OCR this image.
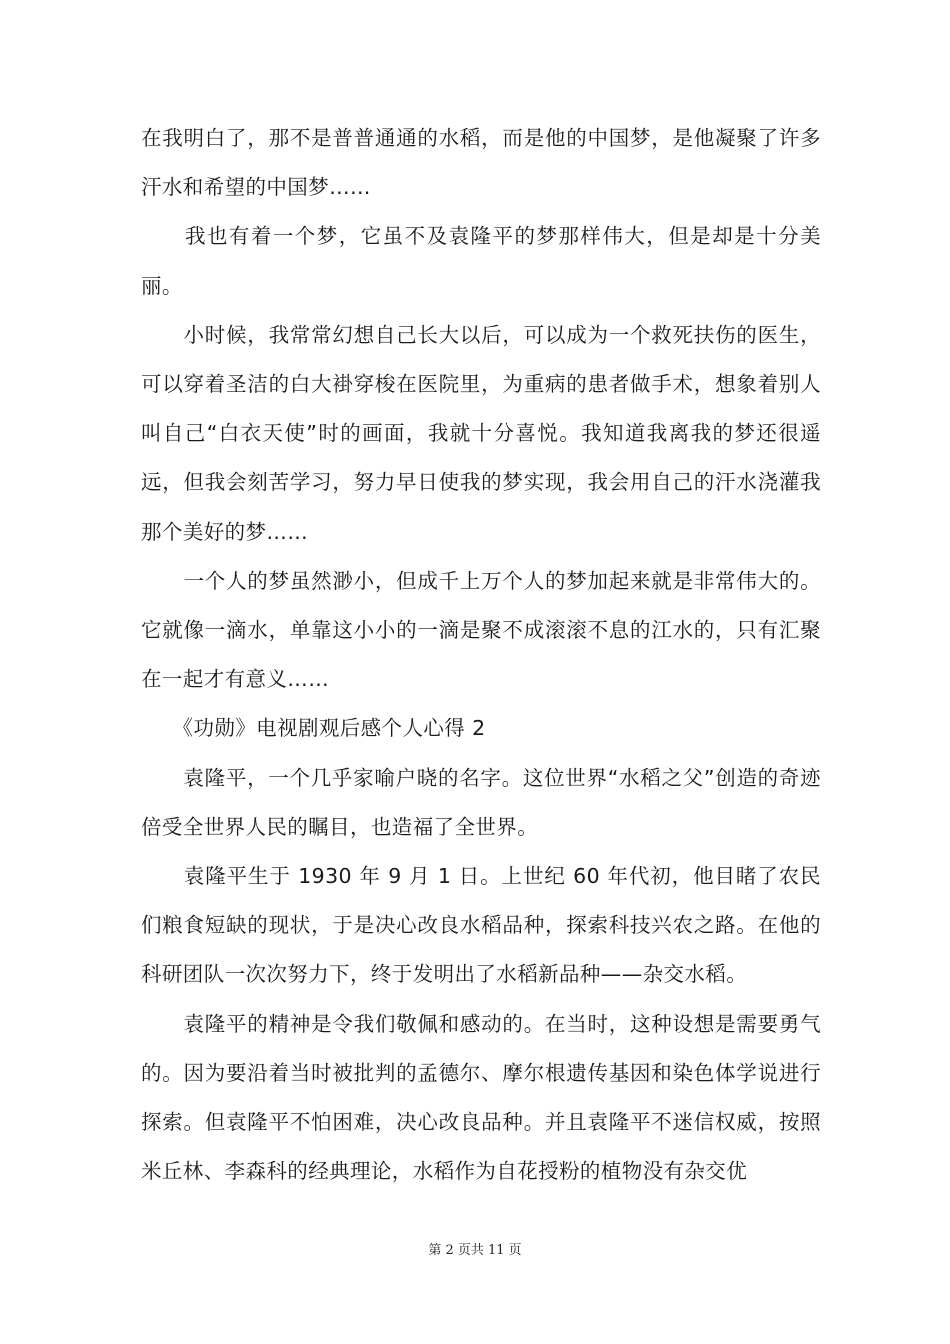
在我明白了，那不是普普通通的水稻，而是他的中国梦，是他凝聚了许多汗水和希望的中国梦……

　　我也有着一个梦，它虽不及袁隆平的梦那样伟大，但是却是十分美丽。

　　小时候，我常常幻想自己长大以后，可以成为一个救死扶伤的医生，可以穿着圣洁的白大褂穿梭在医院里，为重病的患者做手术，想象着别人叫自己“白衣天使”时的画面，我就十分喜悦。我知道我离我的梦还很遥远，但我会刻苦学习，努力早日使我的梦实现，我会用自己的汗水浇灌我那个美好的梦……

　　一个人的梦虽然渺小，但成千上万个人的梦加起来就是非常伟大的。它就像一滴水，单靠这小小的一滴是聚不成滚滚不息的江水的，只有汇聚在一起才有意义……

　　《功勋》电视剧观后感个人心得 2

　　袁隆平，一个几乎家喻户晓的名字。这位世界“水稻之父”创造的奇迹倍受全世界人民的瞩目，也造福了全世界。

　　袁隆平生于 1930 年 9 月 1 日。上世纪 60 年代初，他目睹了农民们粮食短缺的现状，于是决心改良水稻品种，探索科技兴农之路。在他的科研团队一次次努力下，终于发明出了水稻新品种——杂交水稻。

　　袁隆平的精神是令我们敬佩和感动的。在当时，这种设想是需要勇气的。因为要沿着当时被批判的孟德尔、摩尔根遗传基因和染色体学说进行探索。但袁隆平不怕困难，决心改良品种。并且袁隆平不迷信权威，按照米丘林、李森科的经典理论，水稻作为自花授粉的植物没有杂交优

第 2 页共 11 页
